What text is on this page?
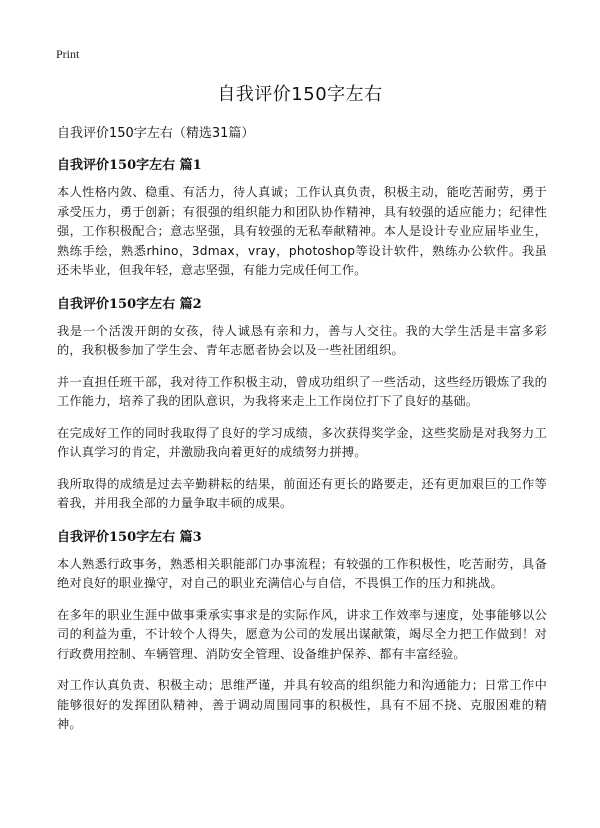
Print
自我评价150字左右

自我评价150字左右（精选31篇）

自我评价150字左右 篇1

本人性格内敛、稳重、有活力，待人真诚；工作认真负责，积极主动，能吃苦耐劳，勇于承受压力，勇于创新；有很强的组织能力和团队协作精神，具有较强的适应能力；纪律性强，工作积极配合；意志坚强，具有较强的无私奉献精神。本人是设计专业应届毕业生，熟练手绘，熟悉rhino，3dmax，vray，photoshop等设计软件，熟练办公软件。我虽还未毕业，但我年轻，意志坚强，有能力完成任何工作。

自我评价150字左右 篇2

我是一个活泼开朗的女孩，待人诚恳有亲和力，善与人交往。我的大学生活是丰富多彩的，我积极参加了学生会、青年志愿者协会以及一些社团组织。

并一直担任班干部，我对待工作积极主动，曾成功组织了一些活动，这些经历锻炼了我的工作能力，培养了我的团队意识，为我将来走上工作岗位打下了良好的基础。

在完成好工作的同时我取得了良好的学习成绩，多次获得奖学金，这些奖励是对我努力工作认真学习的肯定，并激励我向着更好的成绩努力拼搏。

我所取得的成绩是过去辛勤耕耘的结果，前面还有更长的路要走，还有更加艰巨的工作等着我，并用我全部的力量争取丰硕的成果。

自我评价150字左右 篇3

本人熟悉行政事务，熟悉相关职能部门办事流程；有较强的工作积极性，吃苦耐劳，具备绝对良好的职业操守，对自己的职业充满信心与自信，不畏惧工作的压力和挑战。

在多年的职业生涯中做事秉承实事求是的实际作风，讲求工作效率与速度，处事能够以公司的利益为重，不计较个人得失，愿意为公司的发展出谋献策，竭尽全力把工作做到！对行政费用控制、车辆管理、消防安全管理、设备维护保养、都有丰富经验。

对工作认真负责、积极主动；思维严谨，并具有较高的组织能力和沟通能力；日常工作中能够很好的发挥团队精神，善于调动周围同事的积极性，具有不屈不挠、克服困难的精神。
